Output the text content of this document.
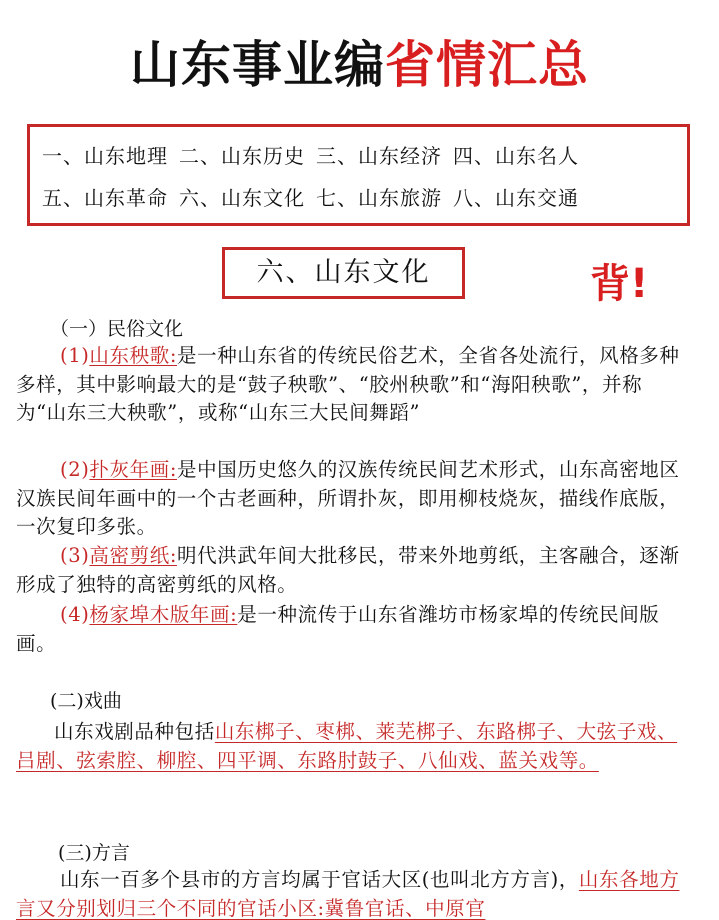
山东事业编省情汇总
一、山东地理 二、山东历史 三、山东经济 四、山东名人
五、山东革命 六、山东文化 七、山东旅游 八、山东交通
六、山东文化	背!
（一）民俗文化
(1)山东秧歌:是一种山东省的传统民俗艺术，全省各处流行，风格多种多样，其中影响最大的是“鼓子秧歌”、“胶州秧歌”和“海阳秧歌”，并称为“山东三大秧歌”，或称“山东三大民间舞蹈”
(2)扑灰年画:是中国历史悠久的汉族传统民间艺术形式，山东高密地区汉族民间年画中的一个古老画种，所谓扑灰，即用柳枝烧灰，描线作底版，一次复印多张。
(3)高密剪纸:明代洪武年间大批移民，带来外地剪纸，主客融合，逐渐形成了独特的高密剪纸的风格。
(4)杨家埠木版年画:是一种流传于山东省潍坊市杨家埠的传统民间版画。
(二)戏曲
山东戏剧品种包括山东梆子、枣梆、莱芜梆子、东路梆子、大弦子戏、吕剧、弦索腔、柳腔、四平调、东路肘鼓子、八仙戏、蓝关戏等。
(三)方言
山东一百多个县市的方言均属于官话大区(也叫北方方言)，山东各地方言又分别划归三个不同的官话小区:冀鲁官话、中原官
